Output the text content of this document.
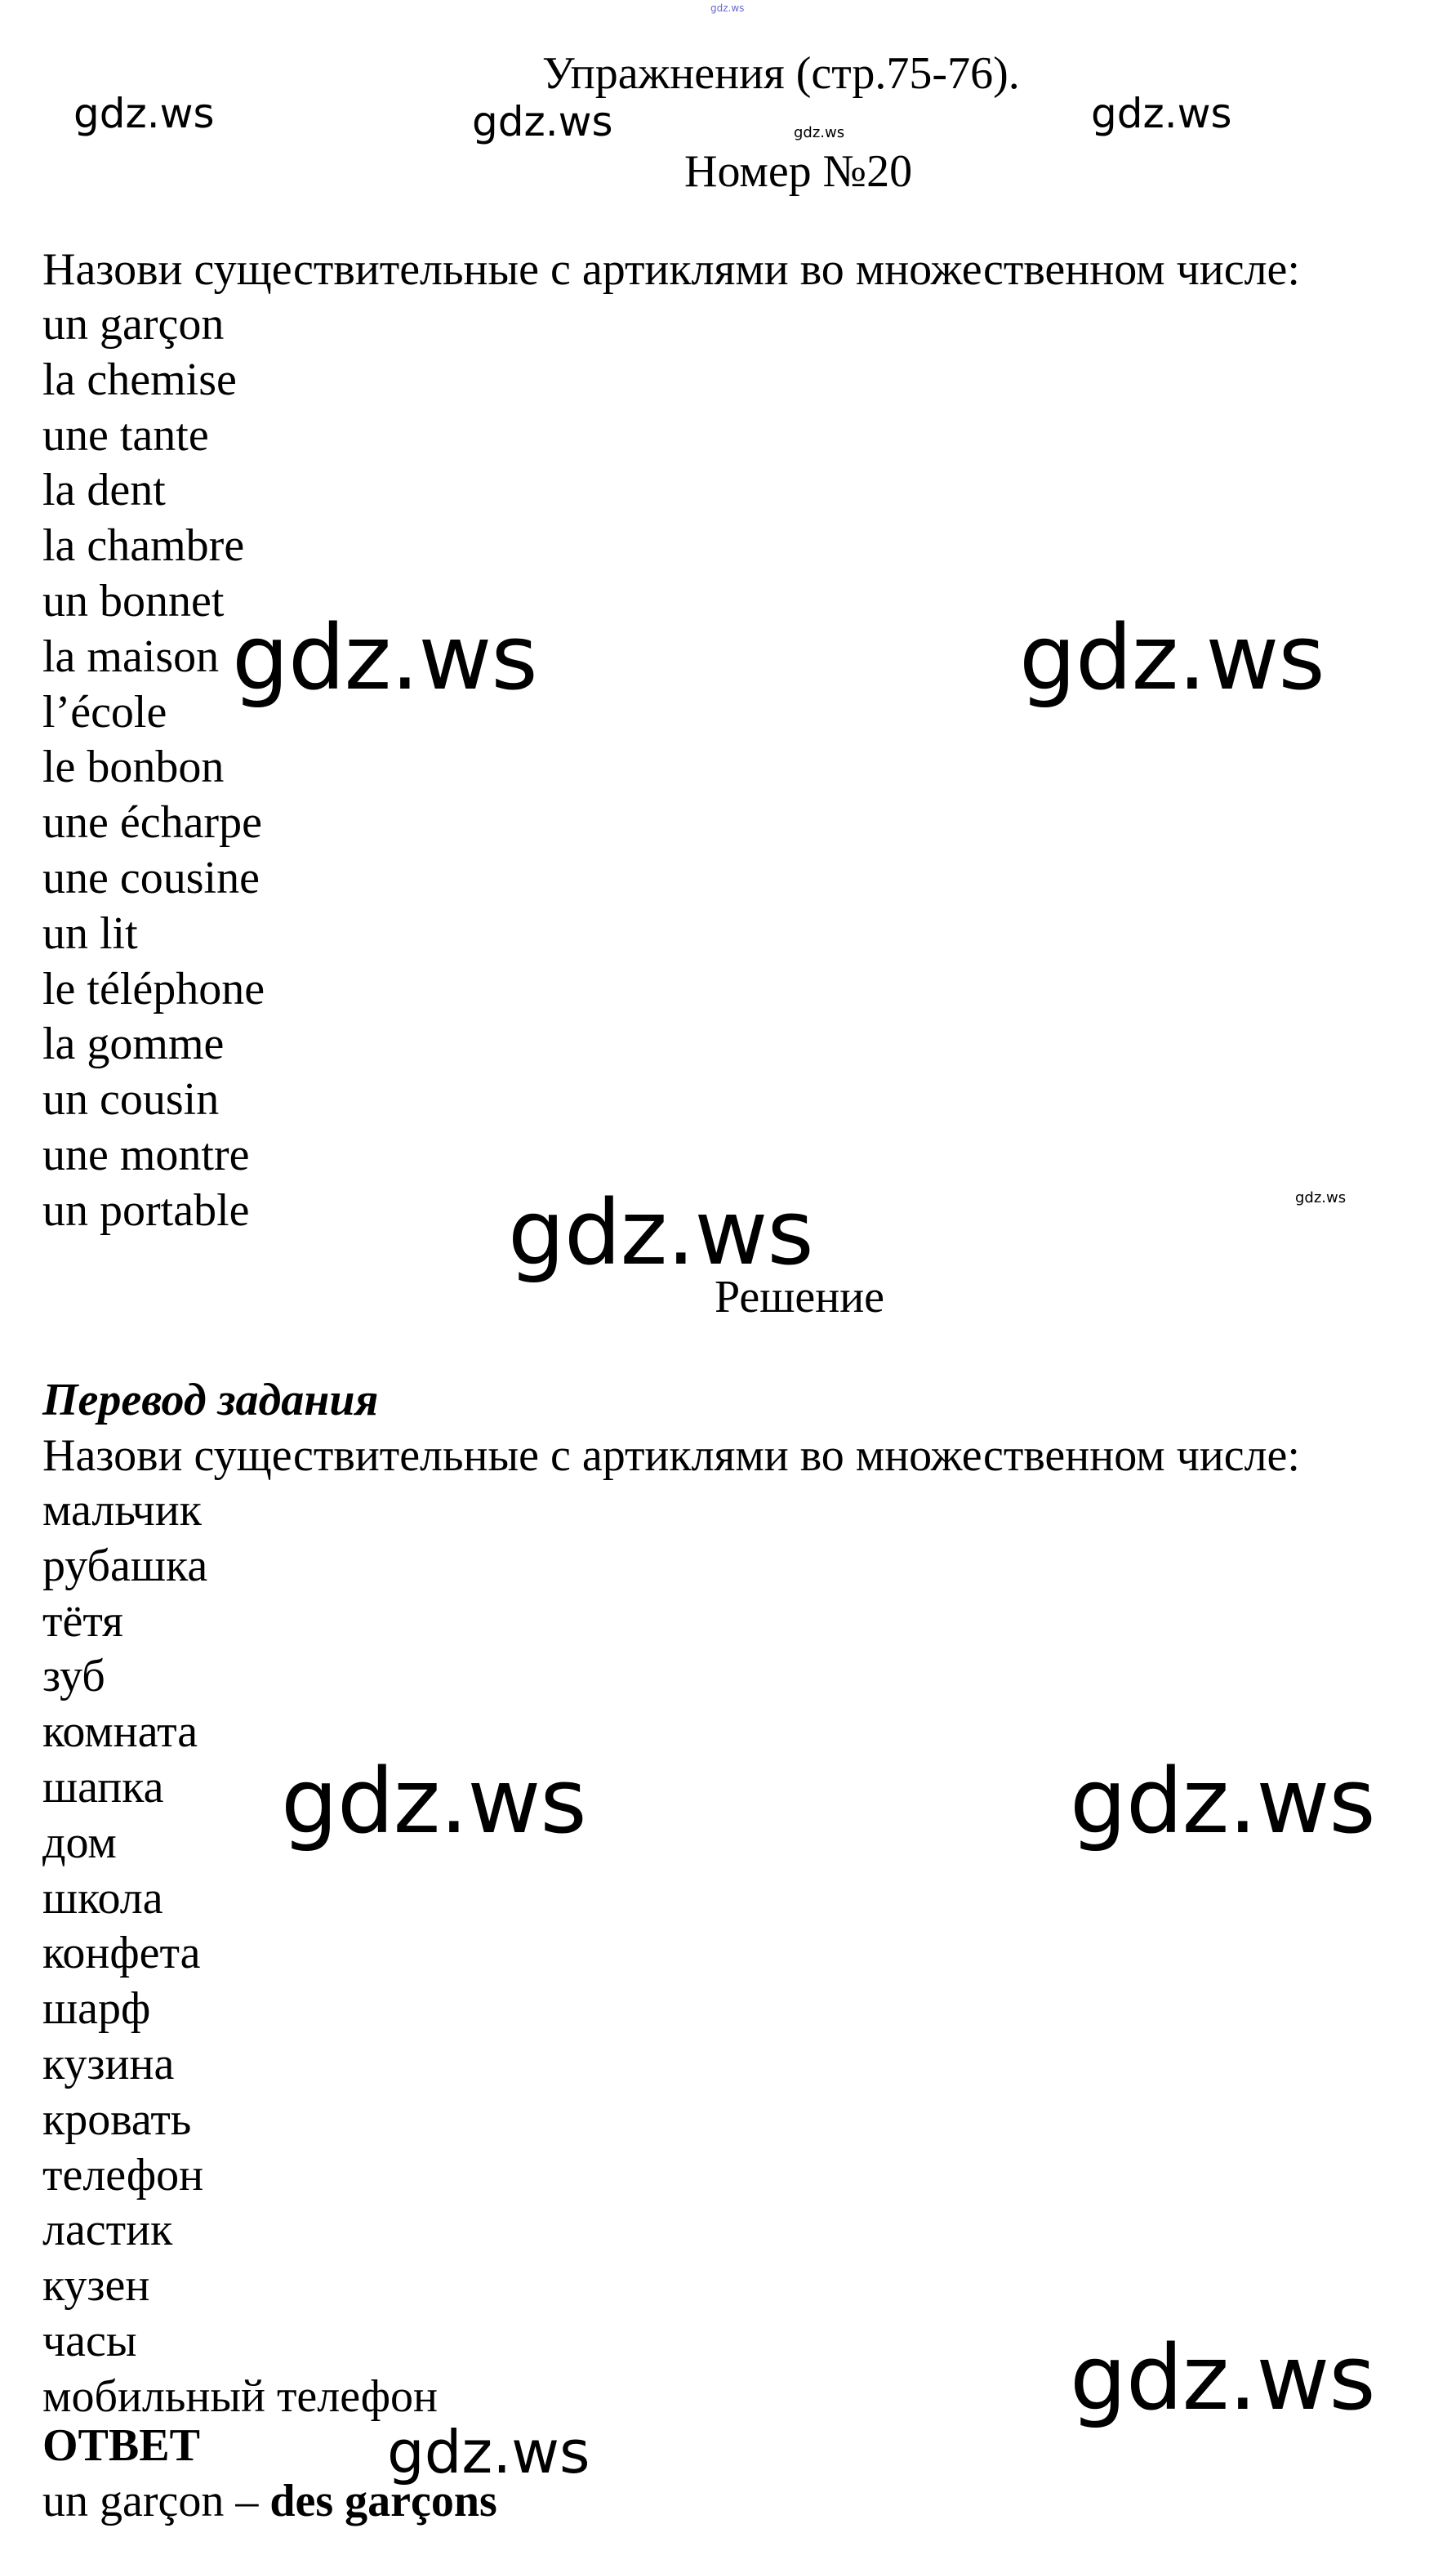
gdz.ws
gdz.ws	gdz.ws	gdz.ws	gdz.ws
gdz.ws	gdz.ws
gdz.ws
gdz.ws
gdz.ws	gdz.ws
gdz.ws
gdz.ws
Упражнения (стр.75-76).
Номер №20
Назови существительные с артиклями во множественном числе:
un garçon
la chemise
une tante
la dent
la chambre
un bonnet
la maison
l’école
le bonbon
une écharpe
une cousine
un lit
le téléphone
la gomme
un cousin
une montre
un portable
Перевод задания
Назови существительные с артиклями во множественном числе:
мальчик
рубашка
тётя
зуб
комната
шапка
дом
школа
конфета
шарф
кузина
кровать
телефон
ластик
кузен
часы
мобильный телефон
ОТВЕТ
un garçon – des garçons
Решение
